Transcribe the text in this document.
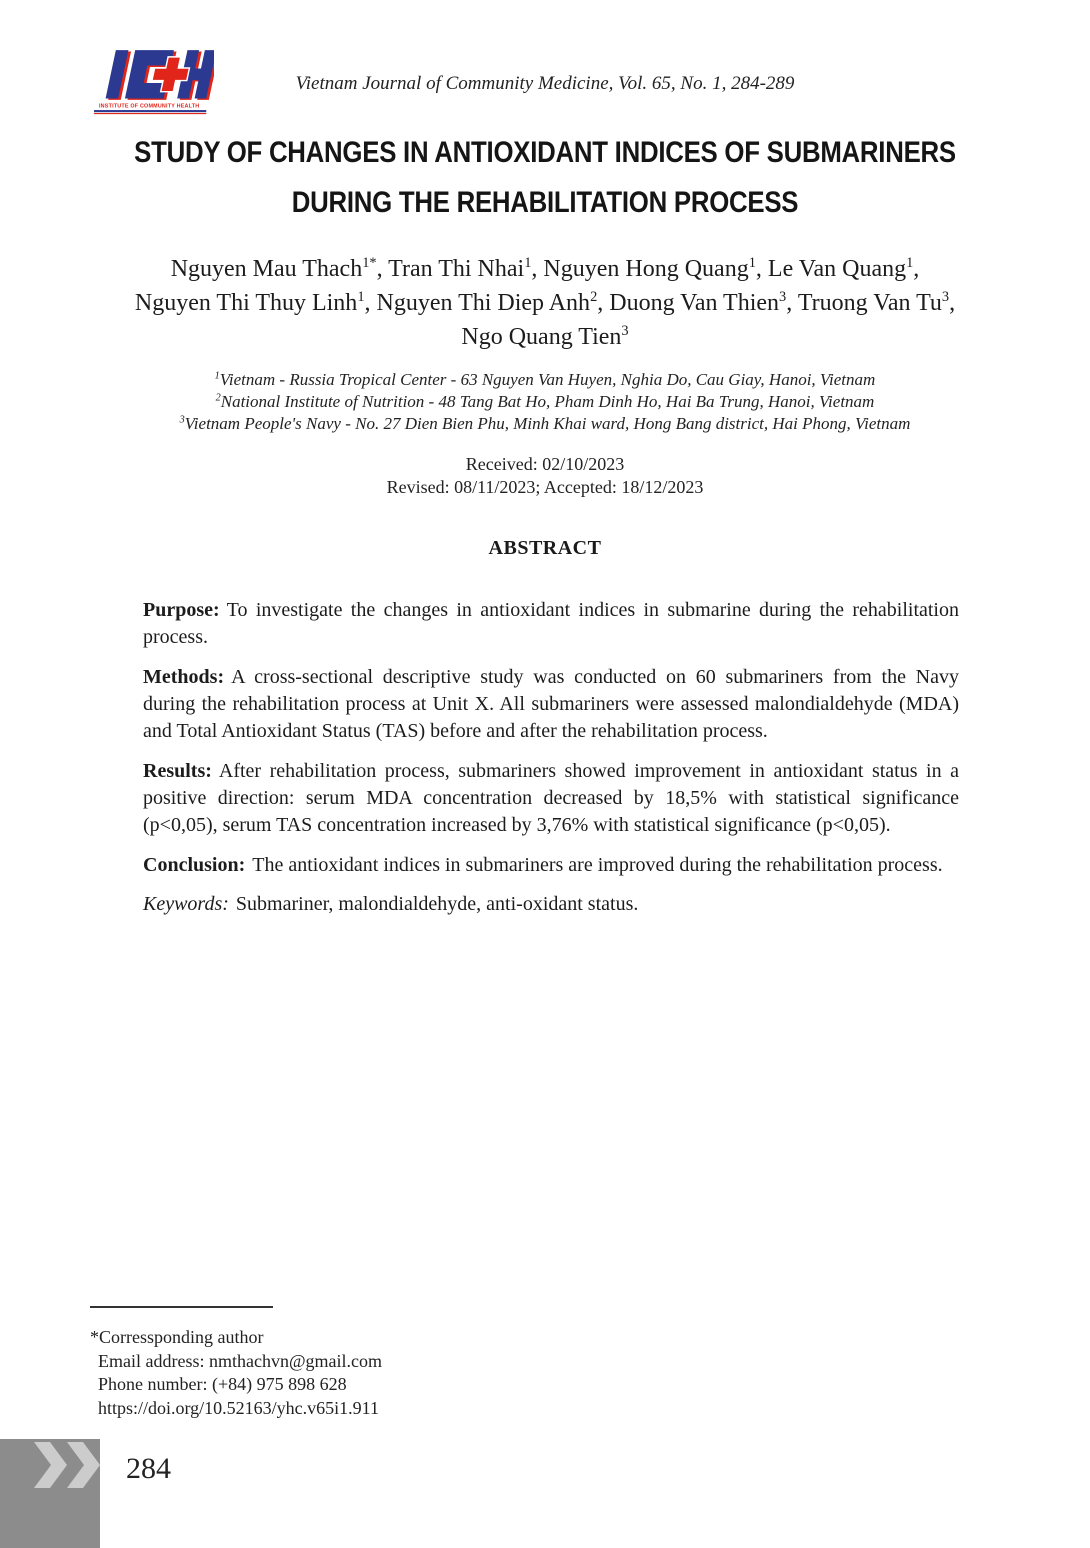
INSTITUTE OF COMMUNITY HEALTH
Vietnam Journal of Community Medicine, Vol. 65, No. 1, 284-289
STUDY OF CHANGES IN ANTIOXIDANT INDICES OF SUBMARINERS
DURING THE REHABILITATION PROCESS
Nguyen Mau Thach$^{1*}$, Tran Thi Nhai$^1$, Nguyen Hong Quang$^1$, Le Van Quang$^1$,
Nguyen Thi Thuy Linh$^1$, Nguyen Thi Diep Anh$^2$, Duong Van Thien$^3$, Truong Van Tu$^3$,
Ngo Quang Tien$^3$
$^1$Vietnam - Russia Tropical Center - 63 Nguyen Van Huyen, Nghia Do, Cau Giay, Hanoi, Vietnam
$^2$National Institute of Nutrition - 48 Tang Bat Ho, Pham Dinh Ho, Hai Ba Trung, Hanoi, Vietnam
$^3$Vietnam People's Navy - No. 27 Dien Bien Phu, Minh Khai ward, Hong Bang district, Hai Phong, Vietnam
Received: 02/10/2023
Revised: 08/11/2023; Accepted: 18/12/2023
ABSTRACT

Purpose: To investigate the changes in antioxidant indices in submarine during the rehabilitation process.

Methods: A cross-sectional descriptive study was conducted on 60 submariners from the Navy during the rehabilitation process at Unit X. All submariners were assessed malondialdehyde (MDA) and Total Antioxidant Status (TAS) before and after the rehabilitation process.

Results: After rehabilitation process, submariners showed improvement in antioxidant status in a positive direction: serum MDA concentration decreased by 18,5% with statistical significance (p<0,05), serum TAS concentration increased by 3,76% with statistical significance (p<0,05).

Conclusion: The antioxidant indices in submariners are improved during the rehabilitation process.

Keywords: Submariner, malondialdehyde, anti-oxidant status.
*Corressponding author
Email address: nmthachvn@gmail.com
Phone number: (+84) 975 898 628
https://doi.org/10.52163/yhc.v65i1.911
284
